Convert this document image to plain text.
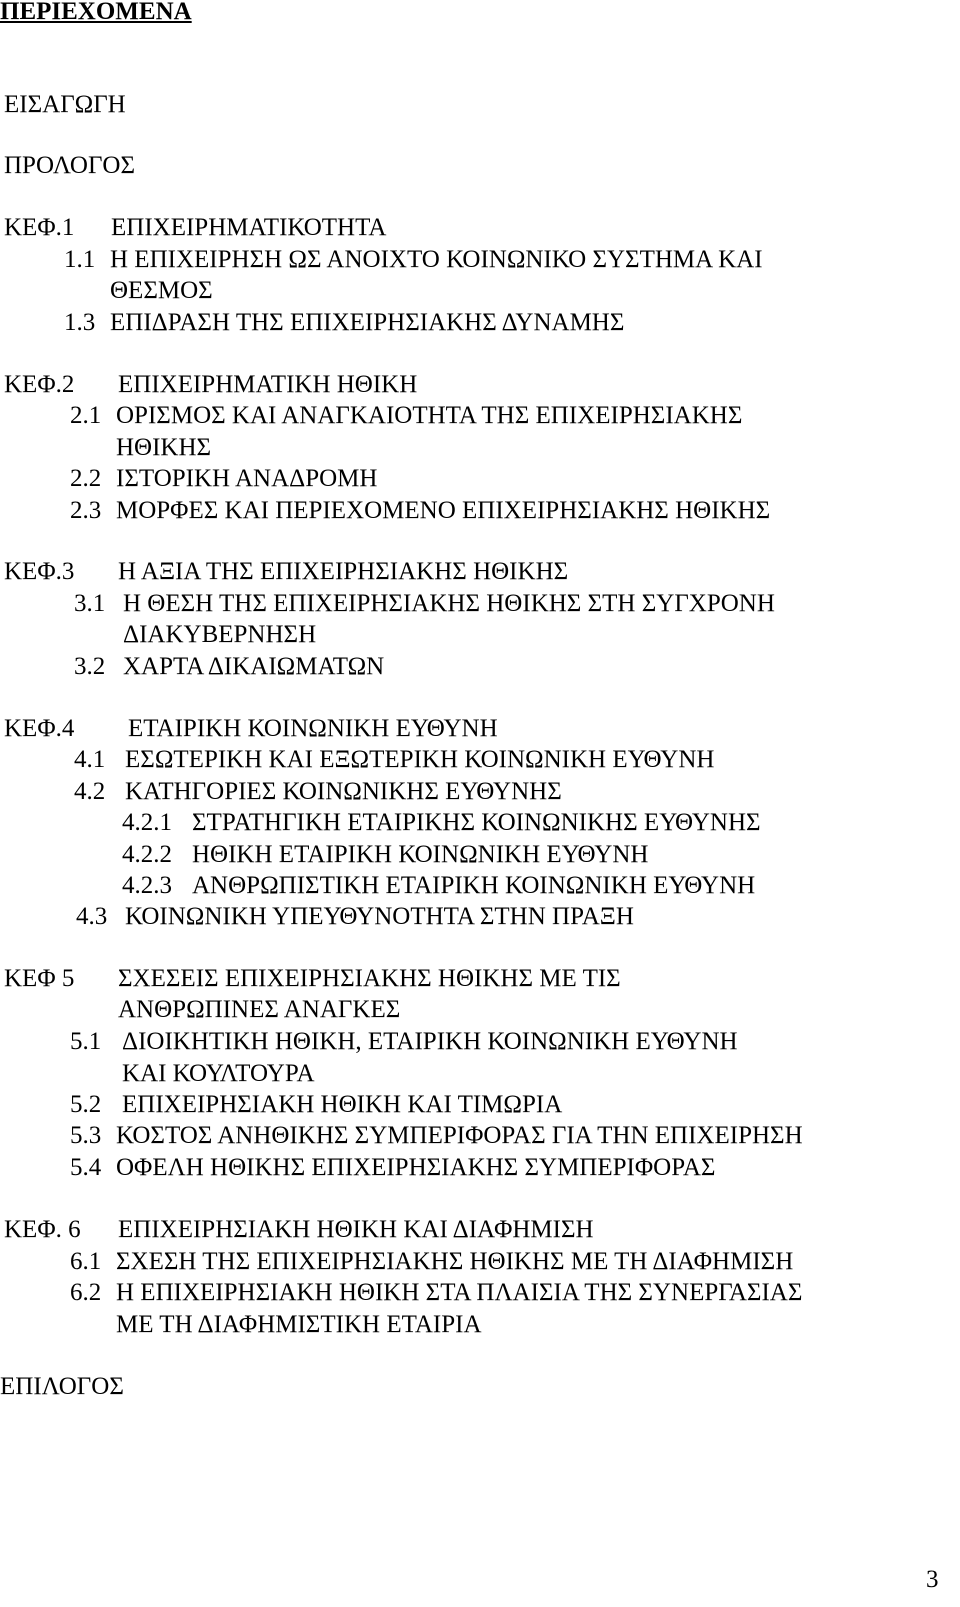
ΠΕΡΙΕΧΟΜΕΝΑ
ΕΙΣΑΓΩΓΗ
ΠΡΟΛΟΓΟΣ
ΚΕΦ.1 ΕΠΙΧΕΙΡΗΜΑΤΙΚΟΤΗΤΑ
1.1 Η ΕΠΙΧΕΙΡΗΣΗ ΩΣ ΑΝΟΙΧΤΟ ΚΟΙΝΩΝΙΚΟ ΣΥΣΤΗΜΑ ΚΑΙ
ΘΕΣΜΟΣ
1.3 ΕΠΙΔΡΑΣΗ ΤΗΣ ΕΠΙΧΕΙΡΗΣΙΑΚΗΣ ΔΥΝΑΜΗΣ
ΚΕΦ.2 ΕΠΙΧΕΙΡΗΜΑΤΙΚΗ ΗΘΙΚΗ
2.1 ΟΡΙΣΜΟΣ ΚΑΙ ΑΝΑΓΚΑΙΟΤΗΤΑ ΤΗΣ ΕΠΙΧΕΙΡΗΣΙΑΚΗΣ
ΗΘΙΚΗΣ
2.2 ΙΣΤΟΡΙΚΗ ΑΝΑΔΡΟΜΗ
2.3 ΜΟΡΦΕΣ ΚΑΙ ΠΕΡΙΕΧΟΜΕΝΟ ΕΠΙΧΕΙΡΗΣΙΑΚΗΣ ΗΘΙΚΗΣ
ΚΕΦ.3 Η ΑΞΙΑ ΤΗΣ ΕΠΙΧΕΙΡΗΣΙΑΚΗΣ ΗΘΙΚΗΣ
3.1 Η ΘΕΣΗ ΤΗΣ ΕΠΙΧΕΙΡΗΣΙΑΚΗΣ ΗΘΙΚΗΣ ΣΤΗ ΣΥΓΧΡΟΝΗ
ΔΙΑΚΥΒΕΡΝΗΣΗ
3.2 ΧΑΡΤΑ ΔΙΚΑΙΩΜΑΤΩΝ
ΚΕΦ.4 ΕΤΑΙΡΙΚΗ ΚΟΙΝΩΝΙΚΗ ΕΥΘΥΝΗ
4.1 ΕΣΩΤΕΡΙΚΗ ΚΑΙ ΕΞΩΤΕΡΙΚΗ ΚΟΙΝΩΝΙΚΗ ΕΥΘΥΝΗ
4.2 ΚΑΤΗΓΟΡΙΕΣ ΚΟΙΝΩΝΙΚΗΣ ΕΥΘΥΝΗΣ
4.2.1 ΣΤΡΑΤΗΓΙΚΗ ΕΤΑΙΡΙΚΗΣ ΚΟΙΝΩΝΙΚΗΣ ΕΥΘΥΝΗΣ
4.2.2 ΗΘΙΚΗ ΕΤΑΙΡΙΚΗ ΚΟΙΝΩΝΙΚΗ ΕΥΘΥΝΗ
4.2.3 ΑΝΘΡΩΠΙΣΤΙΚΗ ΕΤΑΙΡΙΚΗ ΚΟΙΝΩΝΙΚΗ ΕΥΘΥΝΗ
4.3 ΚΟΙΝΩΝΙΚΗ ΥΠΕΥΘΥΝΟΤΗΤΑ ΣΤΗΝ ΠΡΑΞΗ
ΚΕΦ 5 ΣΧΕΣΕΙΣ ΕΠΙΧΕΙΡΗΣΙΑΚΗΣ ΗΘΙΚΗΣ ΜΕ ΤΙΣ
ΑΝΘΡΩΠΙΝΕΣ ΑΝΑΓΚΕΣ
5.1 ΔΙΟΙΚΗΤΙΚΗ ΗΘΙΚΗ, ΕΤΑΙΡΙΚΗ ΚΟΙΝΩΝΙΚΗ ΕΥΘΥΝΗ
ΚΑΙ ΚΟΥΛΤΟΥΡΑ
5.2 ΕΠΙΧΕΙΡΗΣΙΑΚΗ ΗΘΙΚΗ ΚΑΙ ΤΙΜΩΡΙΑ
5.3 ΚΟΣΤΟΣ ΑΝΗΘΙΚΗΣ ΣΥΜΠΕΡΙΦΟΡΑΣ ΓΙΑ ΤΗΝ ΕΠΙΧΕΙΡΗΣΗ
5.4 ΟΦΕΛΗ ΗΘΙΚΗΣ ΕΠΙΧΕΙΡΗΣΙΑΚΗΣ ΣΥΜΠΕΡΙΦΟΡΑΣ
ΚΕΦ. 6 ΕΠΙΧΕΙΡΗΣΙΑΚΗ ΗΘΙΚΗ ΚΑΙ ΔΙΑΦΗΜΙΣΗ
6.1 ΣΧΕΣΗ ΤΗΣ ΕΠΙΧΕΙΡΗΣΙΑΚΗΣ ΗΘΙΚΗΣ ΜΕ ΤΗ ΔΙΑΦΗΜΙΣΗ
6.2 Η ΕΠΙΧΕΙΡΗΣΙΑΚΗ ΗΘΙΚΗ ΣΤΑ ΠΛΑΙΣΙΑ ΤΗΣ ΣΥΝΕΡΓΑΣΙΑΣ
ΜΕ ΤΗ ΔΙΑΦΗΜΙΣΤΙΚΗ ΕΤΑΙΡΙΑ
ΕΠΙΛΟΓΟΣ
3
